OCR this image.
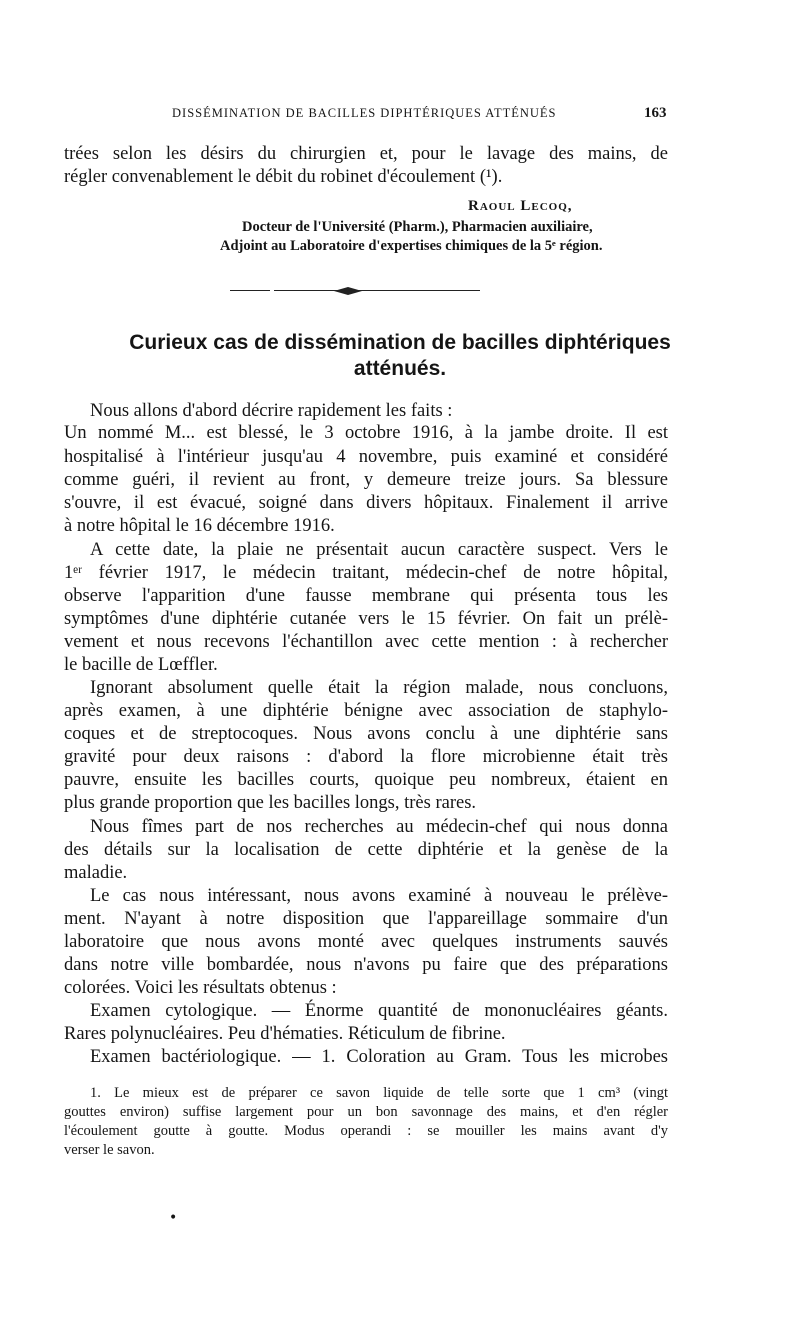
DISSÉMINATION DE BACILLES DIPHTÉRIQUES ATTÉNUÉS	163
trées selon les désirs du chirurgien et, pour le lavage des mains, de
régler convenablement le débit du robinet d'écoulement (¹).
Raoul Lecoq,
Docteur de l'Université (Pharm.), Pharmacien auxiliaire,
Adjoint au Laboratoire d'expertises chimiques de la 5ᵉ région.
Curieux cas de dissémination de bacilles diphtériques
atténués.
Nous allons d'abord décrire rapidement les faits :
Un nommé M... est blessé, le 3 octobre 1916, à la jambe droite. Il est
hospitalisé à l'intérieur jusqu'au 4 novembre, puis examiné et considéré
comme guéri, il revient au front, y demeure treize jours. Sa blessure
s'ouvre, il est évacué, soigné dans divers hôpitaux. Finalement il arrive
à notre hôpital le 16 décembre 1916.
A cette date, la plaie ne présentait aucun caractère suspect. Vers le
1ᵉʳ février 1917, le médecin traitant, médecin-chef de notre hôpital,
observe l'apparition d'une fausse membrane qui présenta tous les
symptômes d'une diphtérie cutanée vers le 15 février. On fait un prélè-
vement et nous recevons l'échantillon avec cette mention : à rechercher
le bacille de Lœffler.
Ignorant absolument quelle était la région malade, nous concluons,
après examen, à une diphtérie bénigne avec association de staphylo-
coques et de streptocoques. Nous avons conclu à une diphtérie sans
gravité pour deux raisons : d'abord la flore microbienne était très
pauvre, ensuite les bacilles courts, quoique peu nombreux, étaient en
plus grande proportion que les bacilles longs, très rares.
Nous fîmes part de nos recherches au médecin-chef qui nous donna
des détails sur la localisation de cette diphtérie et la genèse de la
maladie.
Le cas nous intéressant, nous avons examiné à nouveau le prélève-
ment. N'ayant à notre disposition que l'appareillage sommaire d'un
laboratoire que nous avons monté avec quelques instruments sauvés
dans notre ville bombardée, nous n'avons pu faire que des préparations
colorées. Voici les résultats obtenus :
Examen cytologique. — Énorme quantité de mononucléaires géants.
Rares polynucléaires. Peu d'hématies. Réticulum de fibrine.
Examen bactériologique. — 1. Coloration au Gram. Tous les microbes
1. Le mieux est de préparer ce savon liquide de telle sorte que 1 cm³ (vingt
gouttes environ) suffise largement pour un bon savonnage des mains, et d'en régler
l'écoulement goutte à goutte. Modus operandi : se mouiller les mains avant d'y
verser le savon.
•
